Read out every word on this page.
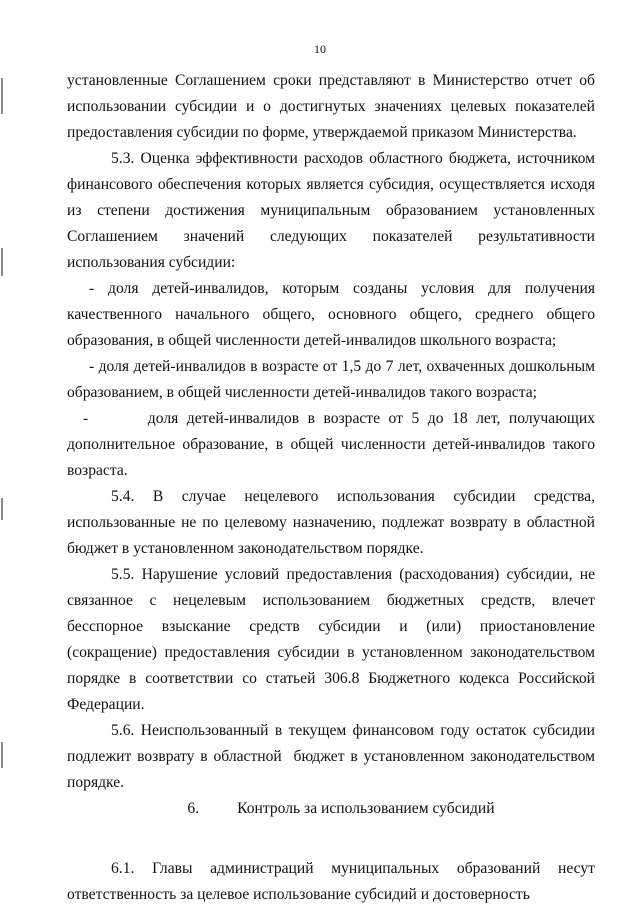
10

установленные Соглашением сроки представляют в Министерство отчет об использовании субсидии и о достигнутых значениях целевых показателей предоставления субсидии по форме, утверждаемой приказом Министерства.

5.3. Оценка эффективности расходов областного бюджета, источником финансового обеспечения которых является субсидия, осуществляется исходя из степени достижения муниципальным образованием установленных Соглашением значений следующих показателей результативности использования субсидии:

- доля детей-инвалидов, которым созданы условия для получения качественного начального общего, основного общего, среднего общего образования, в общей численности детей-инвалидов школьного возраста;

- доля детей-инвалидов в возрасте от 1,5 до 7 лет, охваченных дошкольным образованием, в общей численности детей-инвалидов такого возраста;

-       доля детей-инвалидов в возрасте от 5 до 18 лет, получающих дополнительное образование, в общей численности детей-инвалидов такого возраста.

5.4. В случае нецелевого использования субсидии средства, использованные не по целевому назначению, подлежат возврату в областной бюджет в установленном законодательством порядке.

5.5. Нарушение условий предоставления (расходования) субсидии, не связанное с нецелевым использованием бюджетных средств, влечет бесспорное взыскание средств субсидии и (или) приостановление (сокращение) предоставления субсидии в установленном законодательством порядке в соответствии со статьей 306.8 Бюджетного кодекса Российской Федерации.

5.6. Неиспользованный в текущем финансовом году остаток субсидии подлежит возврату в областной  бюджет в установленном законодательством порядке.

6. Контроль за использованием субсидий

6.1. Главы администраций муниципальных образований несут ответственность за целевое использование субсидий и достоверность
